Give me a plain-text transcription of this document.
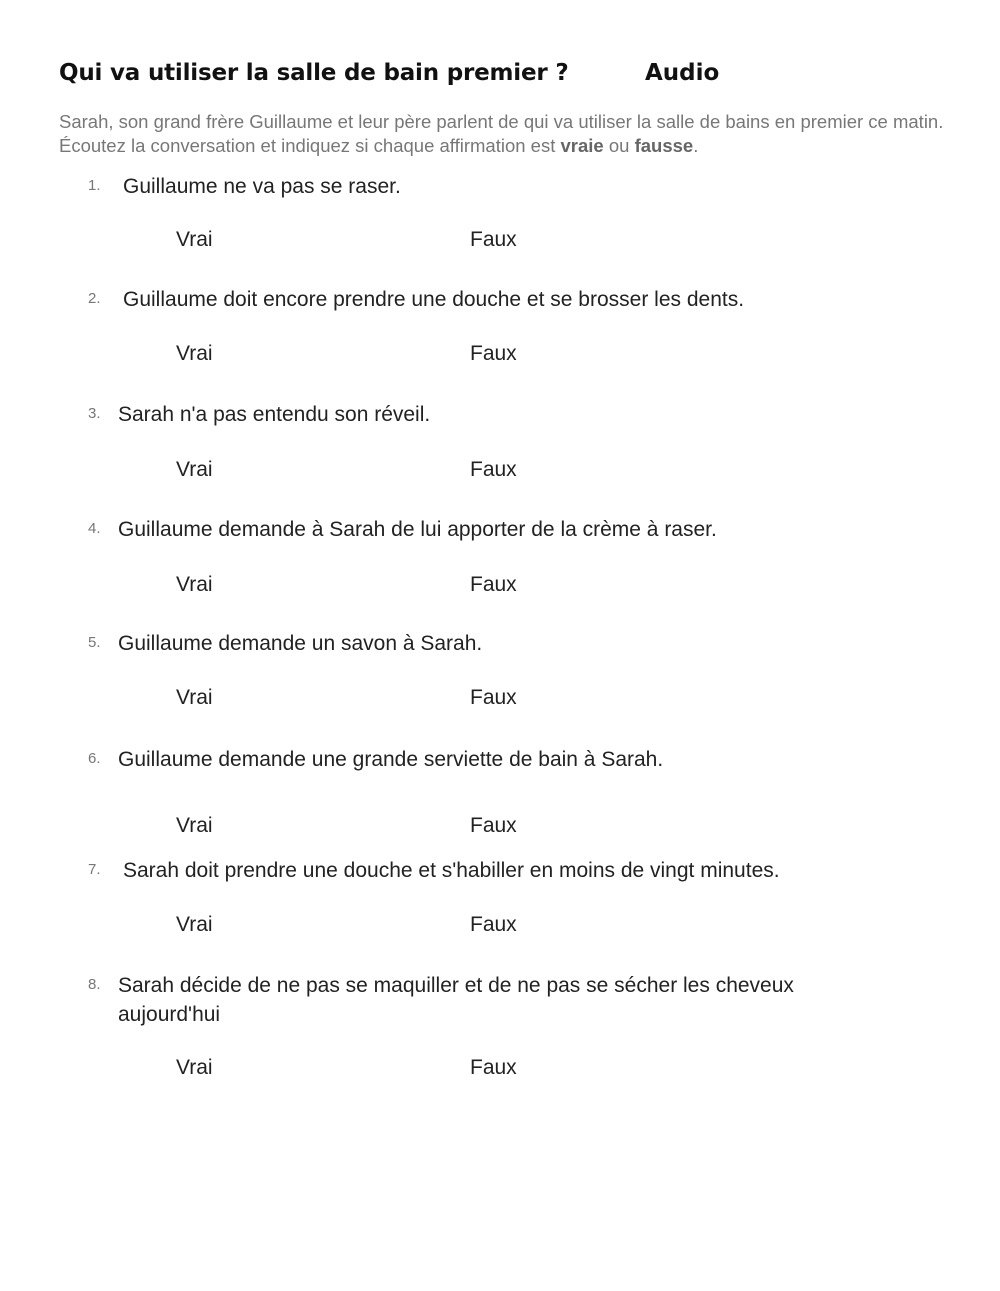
Qui va utiliser la salle de bain premier ?	Audio
Sarah, son grand frère Guillaume et leur père parlent de qui va utiliser la salle de bains en premier ce matin. Écoutez la conversation et indiquez si chaque affirmation est vraie ou fausse.
1. Guillaume ne va pas se raser.
Vrai	Faux
2. Guillaume doit encore prendre une douche et se brosser les dents.
Vrai	Faux
3. Sarah n'a pas entendu son réveil.
Vrai	Faux
4. Guillaume demande à Sarah de lui apporter de la crème à raser.
Vrai	Faux
5. Guillaume demande un savon à Sarah.
Vrai	Faux
6. Guillaume demande une grande serviette de bain à Sarah.
Vrai	Faux
7. Sarah doit prendre une douche et s'habiller en moins de vingt minutes.
Vrai	Faux
8. Sarah décide de ne pas se maquiller et de ne pas se sécher les cheveux aujourd'hui
Vrai	Faux
